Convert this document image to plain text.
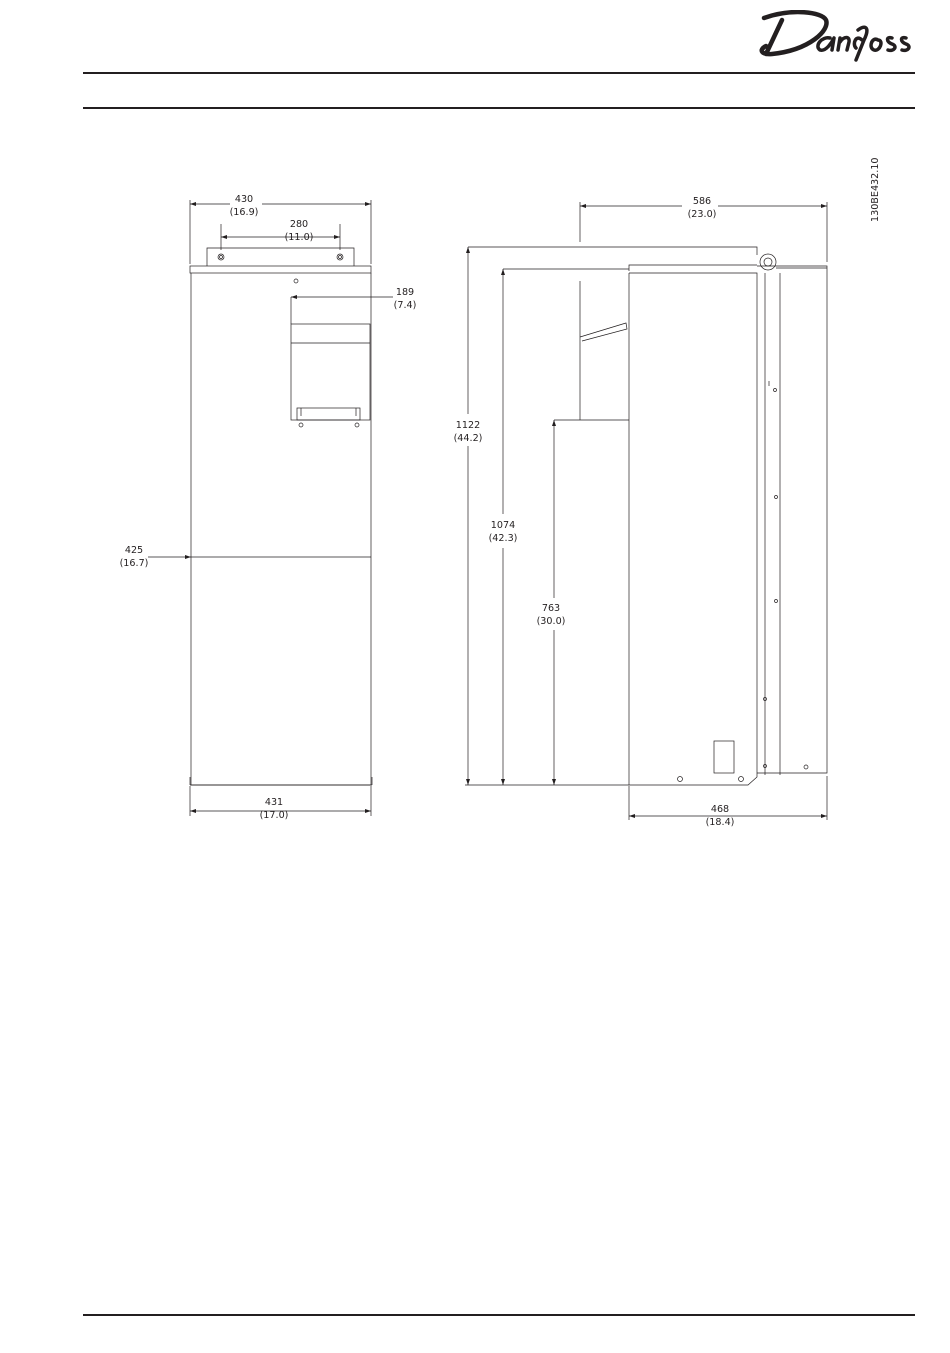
430
(16.9)
280
(11.0)
189
(7.4)
425
(16.7)
431
(17.0)
586
(23.0)
1122
(44.2)
1074
(42.3)
763
(30.0)
468
(18.4)
130BE432.10
